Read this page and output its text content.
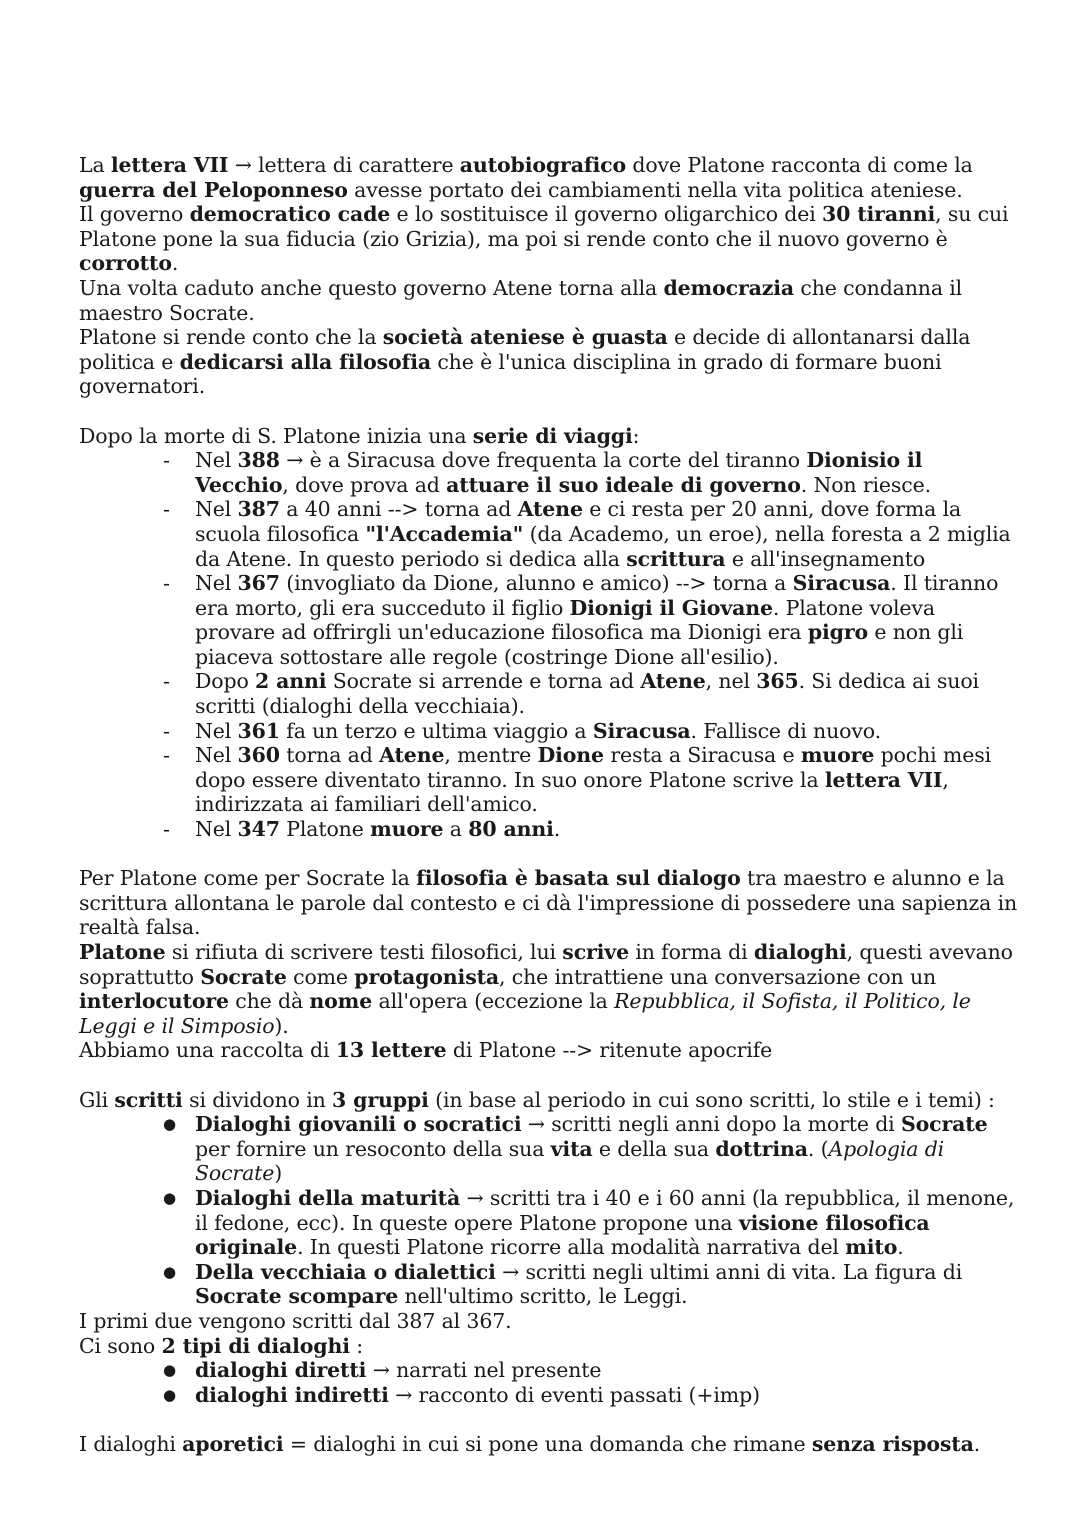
La lettera VII → lettera di carattere autobiografico dove Platone racconta di come la guerra del Peloponneso avesse portato dei cambiamenti nella vita politica ateniese.

Il governo democratico cade e lo sostituisce il governo oligarchico dei 30 tiranni, su cui Platone pone la sua fiducia (zio Grizia), ma poi si rende conto che il nuovo governo è corrotto.

Una volta caduto anche questo governo Atene torna alla democrazia che condanna il maestro Socrate.

Platone si rende conto che la società ateniese è guasta e decide di allontanarsi dalla politica e dedicarsi alla filosofia che è l'unica disciplina in grado di formare buoni governatori.

Dopo la morte di S. Platone inizia una serie di viaggi:

- Nel 388 → è a Siracusa dove frequenta la corte del tiranno Dionisio il Vecchio, dove prova ad attuare il suo ideale di governo. Non riesce.
- Nel 387 a 40 anni --> torna ad Atene e ci resta per 20 anni, dove forma la scuola filosofica "l'Accademia" (da Academo, un eroe), nella foresta a 2 miglia da Atene. In questo periodo si dedica alla scrittura e all'insegnamento
- Nel 367 (invogliato da Dione, alunno e amico) --> torna a Siracusa. Il tiranno era morto, gli era succeduto il figlio Dionigi il Giovane. Platone voleva provare ad offrirgli un'educazione filosofica ma Dionigi era pigro e non gli piaceva sottostare alle regole (costringe Dione all'esilio).
- Dopo 2 anni Socrate si arrende e torna ad Atene, nel 365. Si dedica ai suoi scritti (dialoghi della vecchiaia).
- Nel 361 fa un terzo e ultima viaggio a Siracusa. Fallisce di nuovo.
- Nel 360 torna ad Atene, mentre Dione resta a Siracusa e muore pochi mesi dopo essere diventato tiranno. In suo onore Platone scrive la lettera VII, indirizzata ai familiari dell'amico.
- Nel 347 Platone muore a 80 anni.

Per Platone come per Socrate la filosofia è basata sul dialogo tra maestro e alunno e la scrittura allontana le parole dal contesto e ci dà l'impressione di possedere una sapienza in realtà falsa.

Platone si rifiuta di scrivere testi filosofici, lui scrive in forma di dialoghi, questi avevano soprattutto Socrate come protagonista, che intrattiene una conversazione con un interlocutore che dà nome all'opera (eccezione la Repubblica, il Sofista, il Politico, le Leggi e il Simposio).

Abbiamo una raccolta di 13 lettere di Platone --> ritenute apocrife

Gli scritti si dividono in 3 gruppi (in base al periodo in cui sono scritti, lo stile e i temi) :

● Dialoghi giovanili o socratici → scritti negli anni dopo la morte di Socrate per fornire un resoconto della sua vita e della sua dottrina. (Apologia di Socrate)
● Dialoghi della maturità → scritti tra i 40 e i 60 anni (la repubblica, il menone, il fedone, ecc). In queste opere Platone propone una visione filosofica originale. In questi Platone ricorre alla modalità narrativa del mito.
● Della vecchiaia o dialettici → scritti negli ultimi anni di vita. La figura di Socrate scompare nell'ultimo scritto, le Leggi.

I primi due vengono scritti dal 387 al 367.

Ci sono 2 tipi di dialoghi :

● dialoghi diretti → narrati nel presente
● dialoghi indiretti → racconto di eventi passati (+imp)

I dialoghi aporetici = dialoghi in cui si pone una domanda che rimane senza risposta.
